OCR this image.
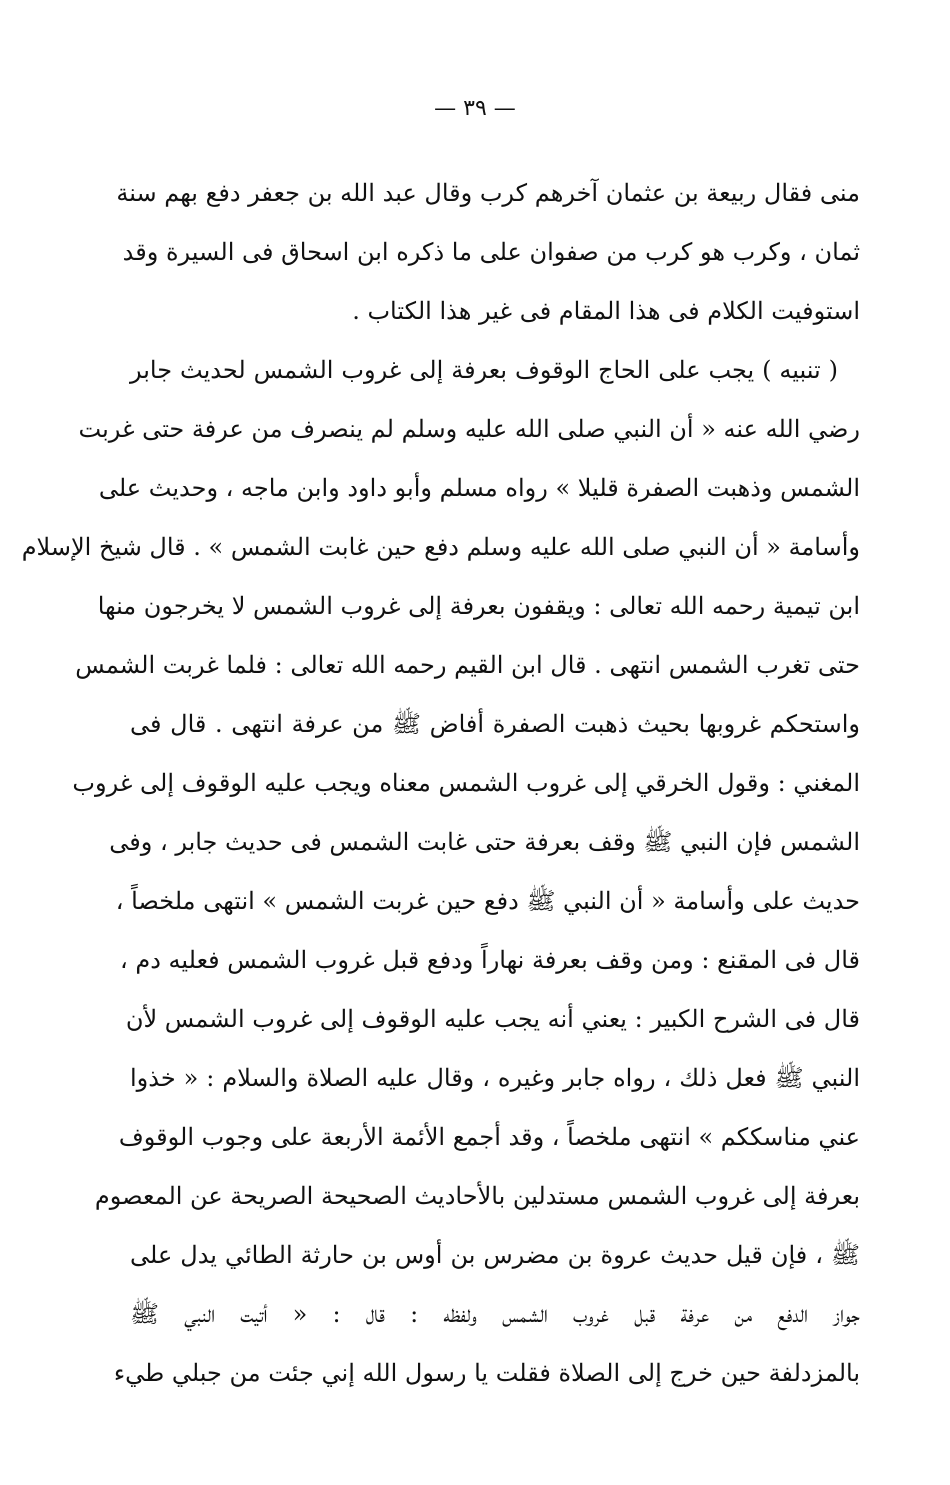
— ٣٩ —
منى فقال ربيعة بن عثمان آخرهم كرب وقال عبد الله بن جعفر دفع بهم سنة
ثمان ، وكرب هو كرب من صفوان على ما ذكره ابن اسحاق فى السيرة وقد
استوفيت الكلام فى هذا المقام فى غير هذا الكتاب .
( تنبيه ) يجب على الحاج الوقوف بعرفة إلى غروب الشمس لحديث جابر
رضي الله عنه « أن النبي صلى الله عليه وسلم لم ينصرف من عرفة حتى غربت
الشمس وذهبت الصفرة قليلا » رواه مسلم وأبو داود وابن ماجه ، وحديث على
وأسامة « أن النبي صلى الله عليه وسلم دفع حين غابت الشمس » . قال شيخ الإسلام
ابن تيمية رحمه الله تعالى : ويقفون بعرفة إلى غروب الشمس لا يخرجون منها
حتى تغرب الشمس انتهى . قال ابن القيم رحمه الله تعالى : فلما غربت الشمس
واستحكم غروبها بحيث ذهبت الصفرة أفاض ﷺ من عرفة انتهى . قال فى
المغني : وقول الخرقي إلى غروب الشمس معناه ويجب عليه الوقوف إلى غروب
الشمس فإن النبي ﷺ وقف بعرفة حتى غابت الشمس فى حديث جابر ، وفى
حديث على وأسامة « أن النبي ﷺ دفع حين غربت الشمس » انتهى ملخصاً ،
قال فى المقنع : ومن وقف بعرفة نهاراً ودفع قبل غروب الشمس فعليه دم ،
قال فى الشرح الكبير : يعني أنه يجب عليه الوقوف إلى غروب الشمس لأن
النبي ﷺ فعل ذلك ، رواه جابر وغيره ، وقال عليه الصلاة والسلام : « خذوا
عني مناسككم » انتهى ملخصاً ، وقد أجمع الأئمة الأربعة على وجوب الوقوف
بعرفة إلى غروب الشمس مستدلين بالأحاديث الصحيحة الصريحة عن المعصوم
ﷺ ، فإن قيل حديث عروة بن مضرس بن أوس بن حارثة الطائي يدل على
جواز الدفع من عرفة قبل غروب الشمس ولفظه : قال : « أتيت النبي ﷺ
بالمزدلفة حين خرج إلى الصلاة فقلت يا رسول الله إني جئت من جبلي طيء
